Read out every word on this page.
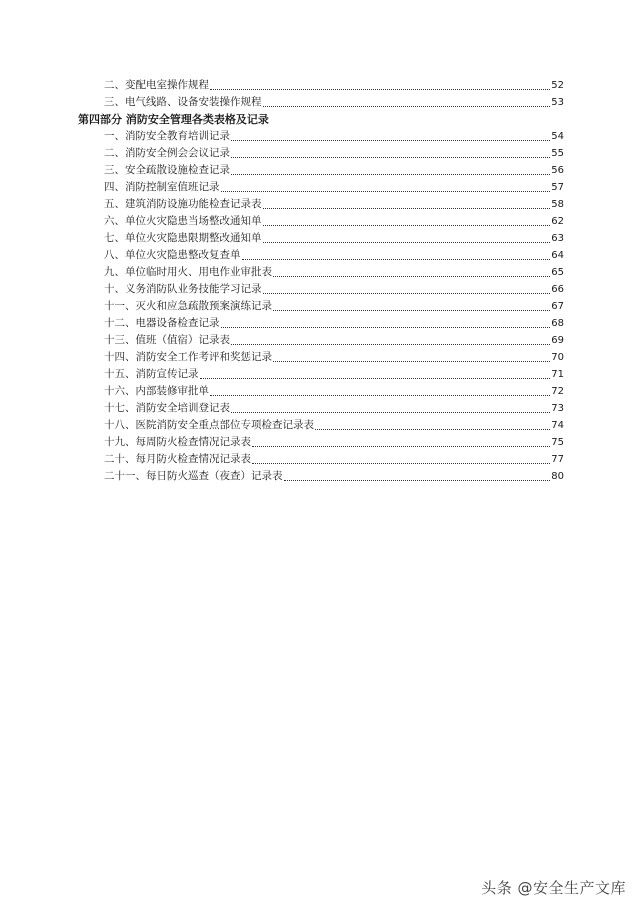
二、变配电室操作规程	52
三、电气线路、设备安装操作规程	53
第四部分 消防安全管理各类表格及记录
一、消防安全教育培训记录	54
二、消防安全例会会议记录	55
三、安全疏散设施检查记录	56
四、消防控制室值班记录	57
五、建筑消防设施功能检查记录表	58
六、单位火灾隐患当场整改通知单	62
七、单位火灾隐患限期整改通知单	63
八、单位火灾隐患整改复查单	64
九、单位临时用火、用电作业审批表	65
十、义务消防队业务技能学习记录	66
十一、灭火和应急疏散预案演练记录	67
十二、电器设备检查记录	68
十三、值班（值宿）记录表	69
十四、消防安全工作考评和奖惩记录	70
十五、消防宣传记录	71
十六、内部装修审批单	72
十七、消防安全培训登记表	73
十八、医院消防安全重点部位专项检查记录表	74
十九、每周防火检查情况记录表	75
二十、每月防火检查情况记录表	77
二十一、每日防火巡查（夜查）记录表	80
头条 @安全生产文库
